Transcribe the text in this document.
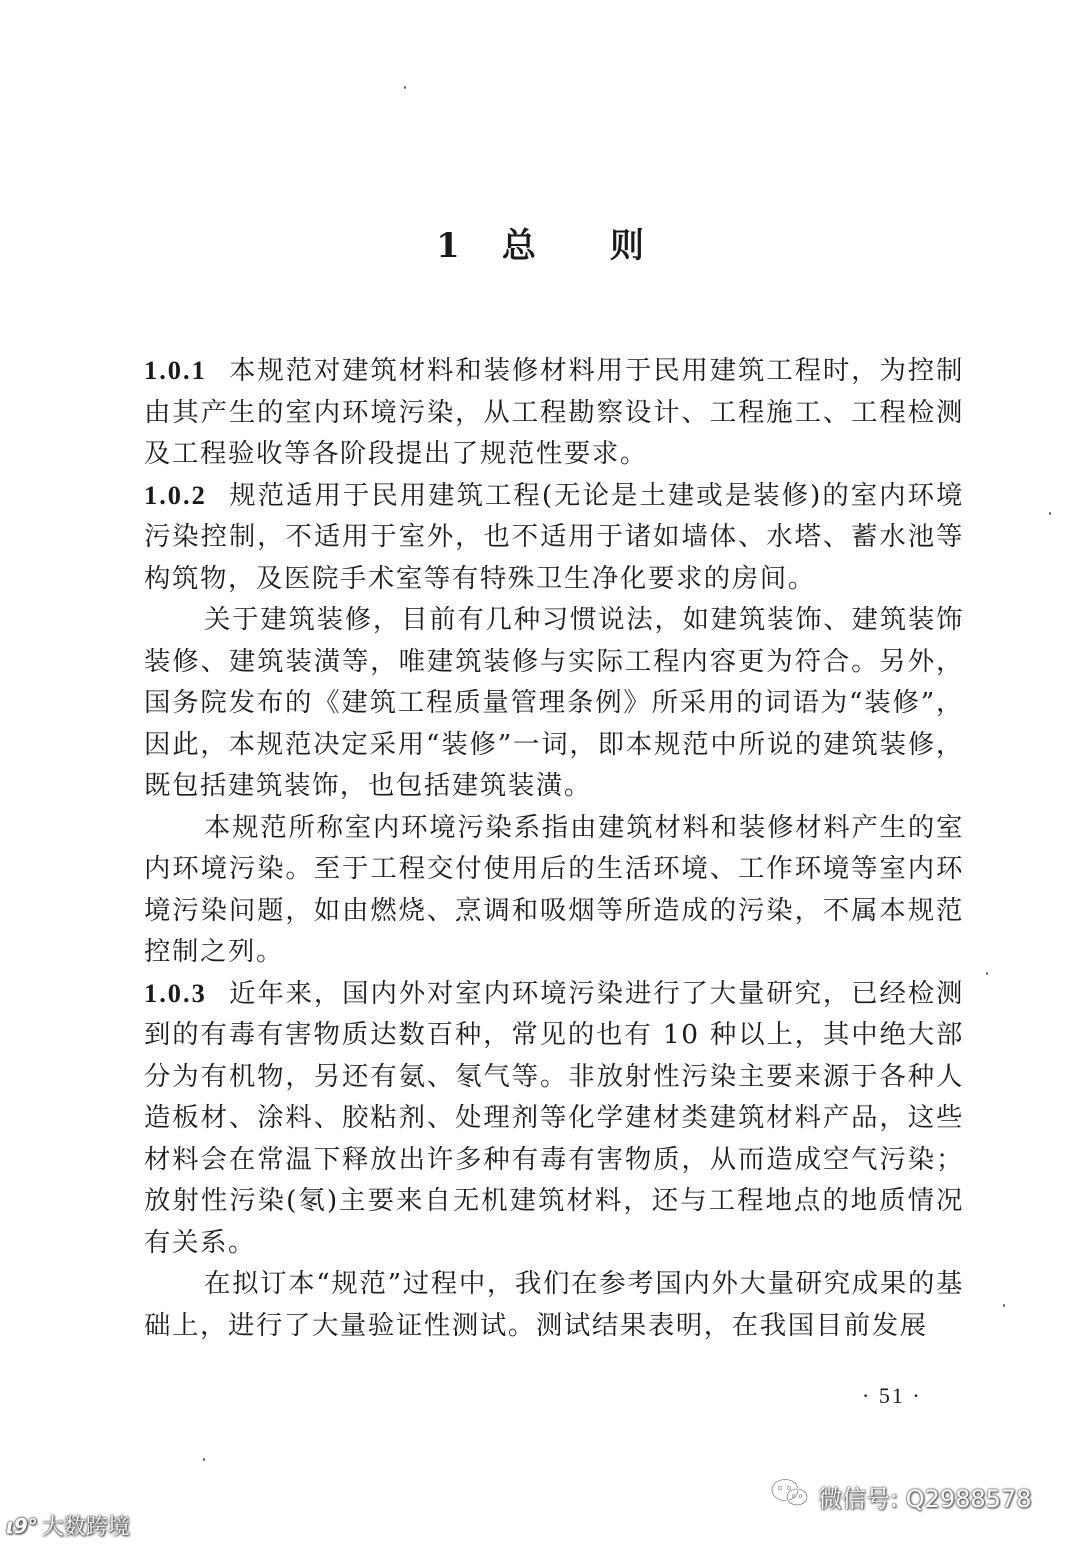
1 总 则

1.0.1 本规范对建筑材料和装修材料用于民用建筑工程时，为控制由其产生的室内环境污染，从工程勘察设计、工程施工、工程检测及工程验收等各阶段提出了规范性要求。

1.0.2 规范适用于民用建筑工程(无论是土建或是装修)的室内环境污染控制，不适用于室外，也不适用于诸如墙体、水塔、蓄水池等构筑物，及医院手术室等有特殊卫生净化要求的房间。

关于建筑装修，目前有几种习惯说法，如建筑装饰、建筑装饰装修、建筑装潢等，唯建筑装修与实际工程内容更为符合。另外，国务院发布的《建筑工程质量管理条例》所采用的词语为“装修”，因此，本规范决定采用“装修”一词，即本规范中所说的建筑装修，既包括建筑装饰，也包括建筑装潢。

本规范所称室内环境污染系指由建筑材料和装修材料产生的室内环境污染。至于工程交付使用后的生活环境、工作环境等室内环境污染问题，如由燃烧、烹调和吸烟等所造成的污染，不属本规范控制之列。

1.0.3 近年来，国内外对室内环境污染进行了大量研究，已经检测到的有毒有害物质达数百种，常见的也有 10 种以上，其中绝大部分为有机物，另还有氨、氡气等。非放射性污染主要来源于各种人造板材、涂料、胶粘剂、处理剂等化学建材类建筑材料产品，这些材料会在常温下释放出许多种有毒有害物质，从而造成空气污染；放射性污染(氡)主要来自无机建筑材料，还与工程地点的地质情况有关系。

在拟订本“规范”过程中，我们在参考国内外大量研究成果的基础上，进行了大量验证性测试。测试结果表明，在我国目前发展

· 51 ·
ι9° 大数跨境
微信号: Q2988578
